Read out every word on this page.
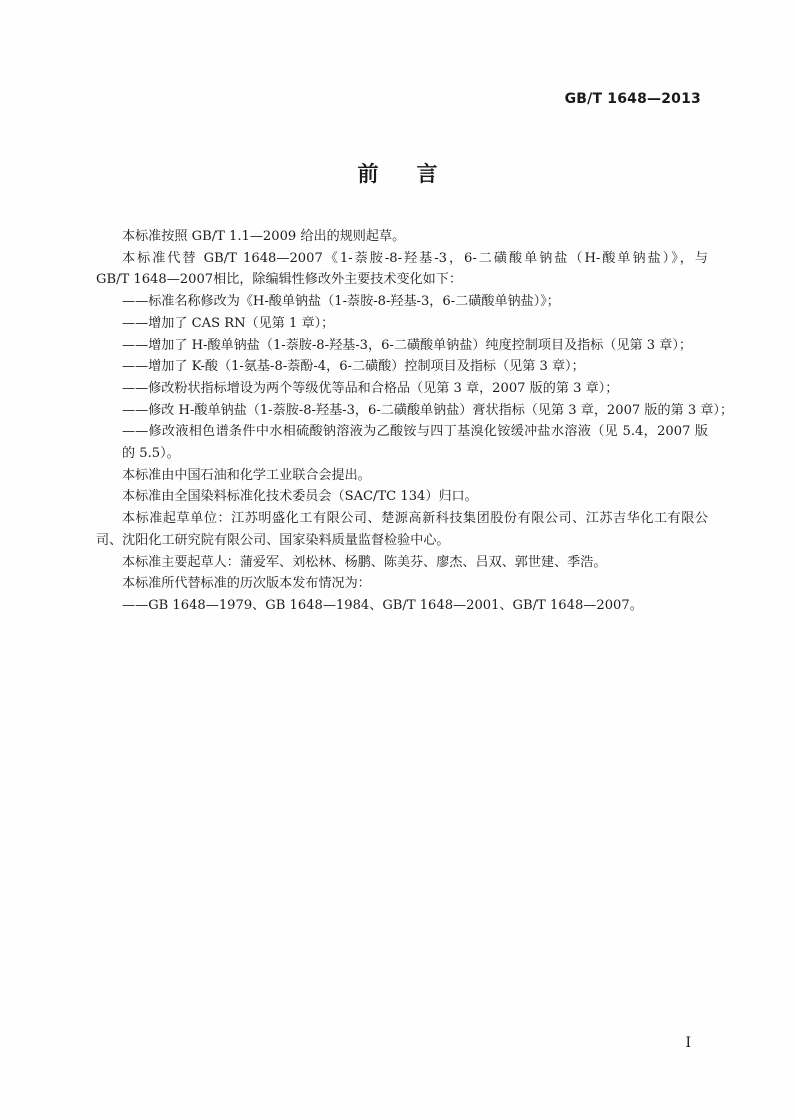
GB/T 1648—2013
前言

本标准按照 GB/T 1.1—2009 给出的规则起草。

本标准代替 GB/T 1648—2007《1-萘胺-8-羟基-3，6-二磺酸单钠盐（H-酸单钠盐）》，与

GB/T 1648—2007相比，除编辑性修改外主要技术变化如下：

——标准名称修改为《H-酸单钠盐（1-萘胺-8-羟基-3，6-二磺酸单钠盐）》；

——增加了 CAS RN（见第 1 章）；

——增加了 H-酸单钠盐（1-萘胺-8-羟基-3，6-二磺酸单钠盐）纯度控制项目及指标（见第 3 章）；

——增加了 K-酸（1-氨基-8-萘酚-4，6-二磺酸）控制项目及指标（见第 3 章）；

——修改粉状指标增设为两个等级优等品和合格品（见第 3 章，2007 版的第 3 章）；

——修改 H-酸单钠盐（1-萘胺-8-羟基-3，6-二磺酸单钠盐）膏状指标（见第 3 章，2007 版的第 3 章）；

——修改液相色谱条件中水相硫酸钠溶液为乙酸铵与四丁基溴化铵缓冲盐水溶液（见 5.4，2007 版

的 5.5）。

本标准由中国石油和化学工业联合会提出。

本标准由全国染料标准化技术委员会（SAC/TC 134）归口。

本标准起草单位：江苏明盛化工有限公司、楚源高新科技集团股份有限公司、江苏吉华化工有限公

司、沈阳化工研究院有限公司、国家染料质量监督检验中心。

本标准主要起草人：蒲爱军、刘松林、杨鹏、陈美芬、廖杰、吕双、郭世建、季浩。

本标准所代替标准的历次版本发布情况为：

——GB 1648—1979、GB 1648—1984、GB/T 1648—2001、GB/T 1648—2007。

I
